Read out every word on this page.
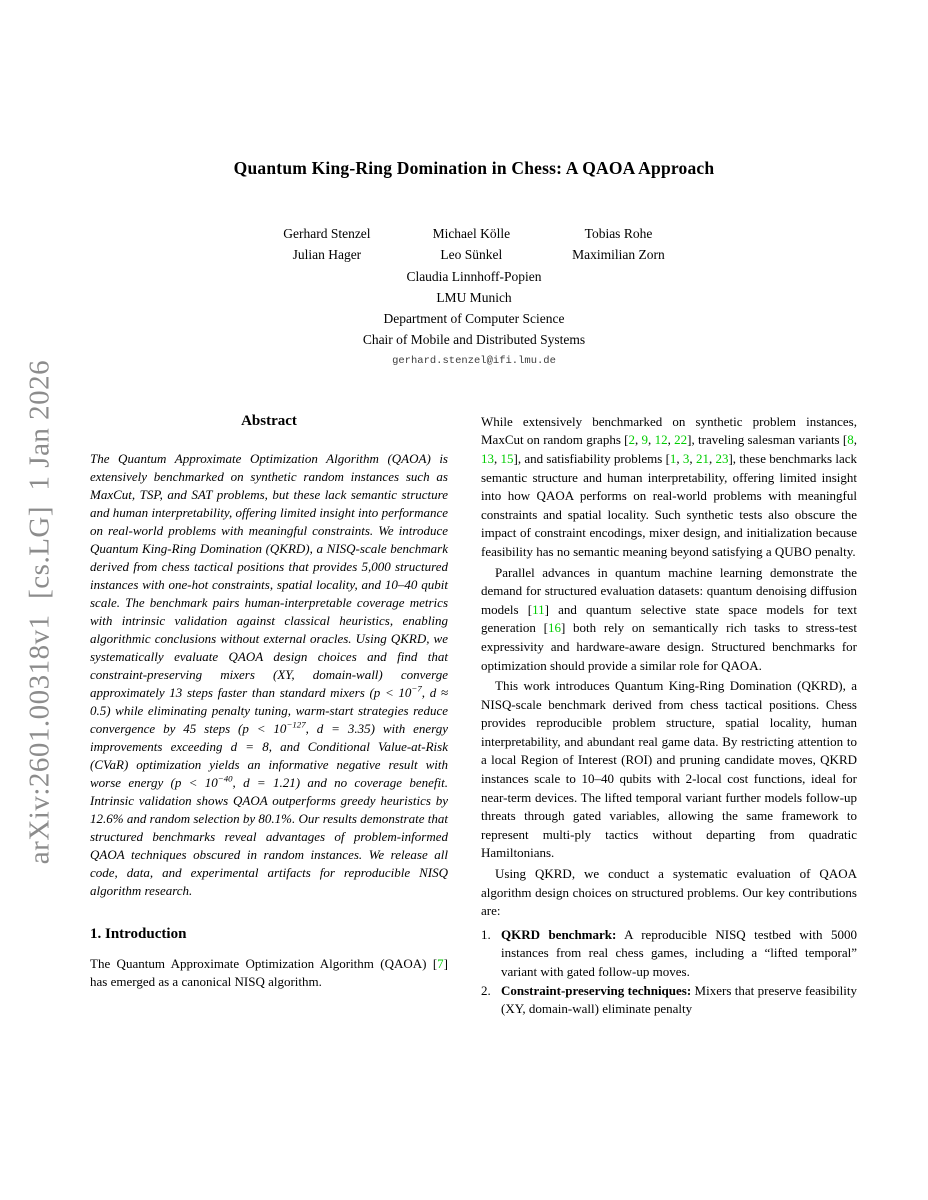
arXiv:2601.00318v1  [cs.LG]  1 Jan 2026
Quantum King-Ring Domination in Chess: A QAOA Approach
Gerhard Stenzel	Michael Kölle	Tobias Rohe
Julian Hager	Leo Sünkel	Maximilian Zorn
Claudia Linnhoff-Popien
LMU Munich
Department of Computer Science
Chair of Mobile and Distributed Systems
gerhard.stenzel@ifi.lmu.de
Abstract
The Quantum Approximate Optimization Algorithm (QAOA) is extensively benchmarked on synthetic random instances such as MaxCut, TSP, and SAT problems, but these lack semantic structure and human interpretability, offering limited insight into performance on real-world problems with meaningful constraints. We introduce Quantum King-Ring Domination (QKRD), a NISQ-scale benchmark derived from chess tactical positions that provides 5,000 structured instances with one-hot constraints, spatial locality, and 10–40 qubit scale. The benchmark pairs human-interpretable coverage metrics with intrinsic validation against classical heuristics, enabling algorithmic conclusions without external oracles. Using QKRD, we systematically evaluate QAOA design choices and find that constraint-preserving mixers (XY, domain-wall) converge approximately 13 steps faster than standard mixers ($p < 10^{-7}$, d ≈ 0.5) while eliminating penalty tuning, warm-start strategies reduce convergence by 45 steps ($p < 10^{-127}$, d = 3.35) with energy improvements exceeding d = 8, and Conditional Value-at-Risk (CVaR) optimization yields an informative negative result with worse energy ($p < 10^{-40}$, d = 1.21) and no coverage benefit. Intrinsic validation shows QAOA outperforms greedy heuristics by 12.6% and random selection by 80.1%. Our results demonstrate that structured benchmarks reveal advantages of problem-informed QAOA techniques obscured in random instances. We release all code, data, and experimental artifacts for reproducible NISQ algorithm research.
1. Introduction
The Quantum Approximate Optimization Algorithm (QAOA) [7] has emerged as a canonical NISQ algorithm.

While extensively benchmarked on synthetic problem instances, MaxCut on random graphs [2, 9, 12, 22], traveling salesman variants [8, 13, 15], and satisfiability problems [1, 3, 21, 23], these benchmarks lack semantic structure and human interpretability, offering limited insight into how QAOA performs on real-world problems with meaningful constraints and spatial locality. Such synthetic tests also obscure the impact of constraint encodings, mixer design, and initialization because feasibility has no semantic meaning beyond satisfying a QUBO penalty.

Parallel advances in quantum machine learning demonstrate the demand for structured evaluation datasets: quantum denoising diffusion models [11] and quantum selective state space models for text generation [16] both rely on semantically rich tasks to stress-test expressivity and hardware-aware design. Structured benchmarks for optimization should provide a similar role for QAOA.

This work introduces Quantum King-Ring Domination (QKRD), a NISQ-scale benchmark derived from chess tactical positions. Chess provides reproducible problem structure, spatial locality, human interpretability, and abundant real game data. By restricting attention to a local Region of Interest (ROI) and pruning candidate moves, QKRD instances scale to 10–40 qubits with 2-local cost functions, ideal for near-term devices. The lifted temporal variant further models follow-up threats through gated variables, allowing the same framework to represent multi-ply tactics without departing from quadratic Hamiltonians.

Using QKRD, we conduct a systematic evaluation of QAOA algorithm design choices on structured problems. Our key contributions are:

1. QKRD benchmark: A reproducible NISQ testbed with 5000 instances from real chess games, including a “lifted temporal” variant with gated follow-up moves.
2. Constraint-preserving techniques: Mixers that preserve feasibility (XY, domain-wall) eliminate penalty
